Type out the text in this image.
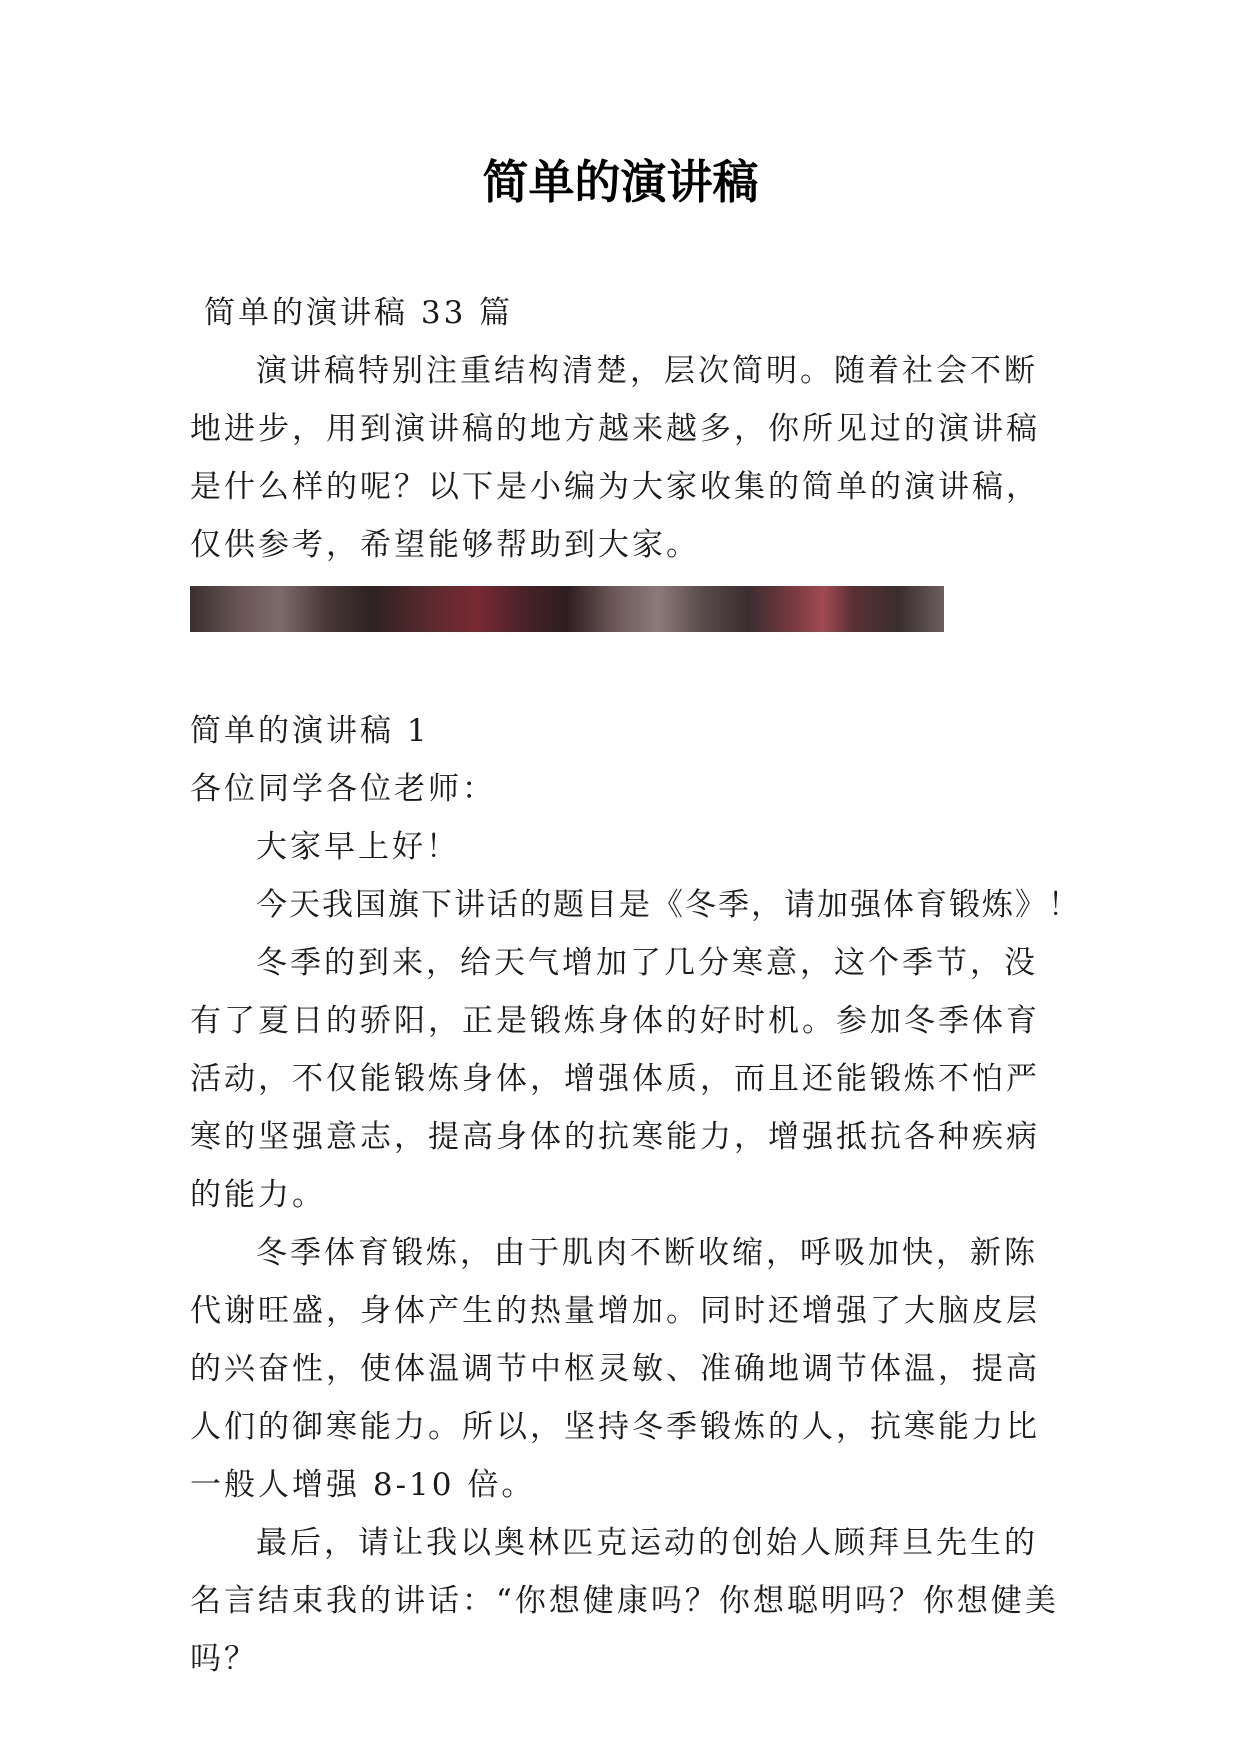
简单的演讲稿

简单的演讲稿 33 篇

演讲稿特别注重结构清楚，层次简明。随着社会不断地进步，用到演讲稿的地方越来越多，你所见过的演讲稿是什么样的呢？以下是小编为大家收集的简单的演讲稿，仅供参考，希望能够帮助到大家。

简单的演讲稿 1

各位同学各位老师：

大家早上好！

今天我国旗下讲话的题目是《冬季，请加强体育锻炼》！

冬季的到来，给天气增加了几分寒意，这个季节，没有了夏日的骄阳，正是锻炼身体的好时机。参加冬季体育活动，不仅能锻炼身体，增强体质，而且还能锻炼不怕严寒的坚强意志，提高身体的抗寒能力，增强抵抗各种疾病的能力。

冬季体育锻炼，由于肌肉不断收缩，呼吸加快，新陈代谢旺盛，身体产生的热量增加。同时还增强了大脑皮层的兴奋性，使体温调节中枢灵敏、准确地调节体温，提高人们的御寒能力。所以，坚持冬季锻炼的人，抗寒能力比一般人增强 8-10 倍。

最后，请让我以奥林匹克运动的创始人顾拜旦先生的名言结束我的讲话：“你想健康吗？你想聪明吗？你想健美吗？
